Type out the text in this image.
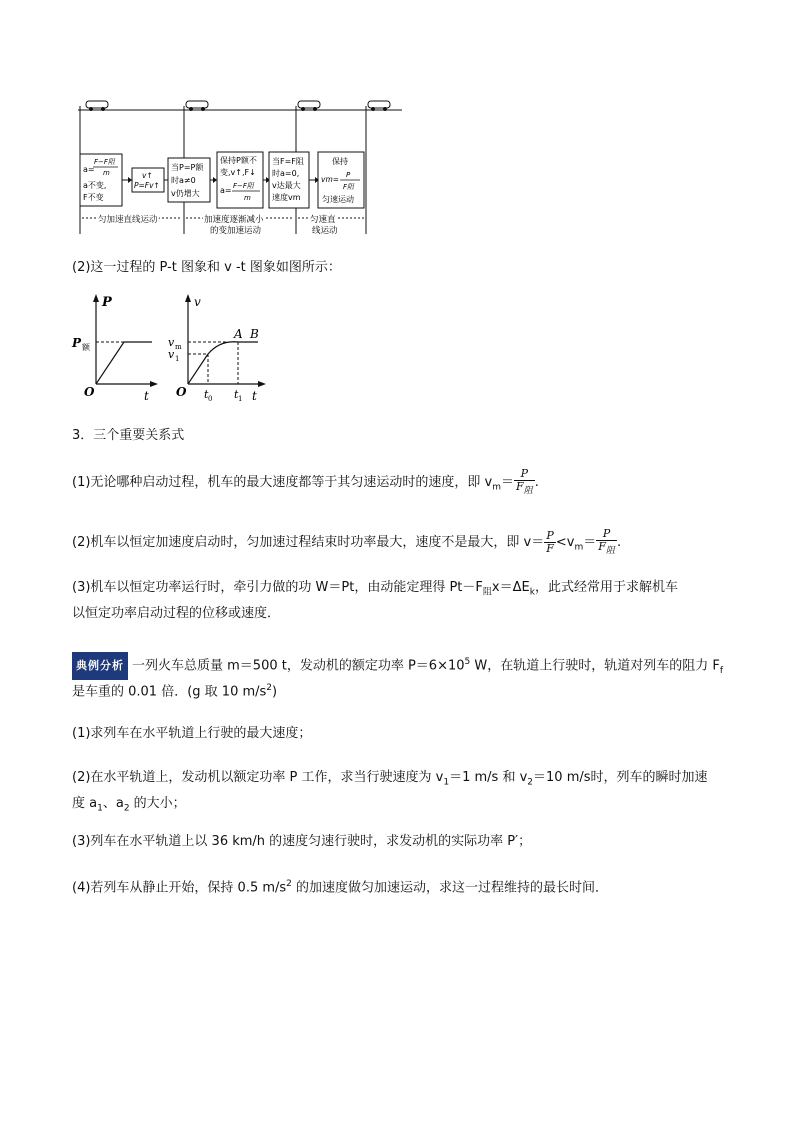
a=
F−F阻
m
a不变,
F不变
v↑
P=Fv↑
当P=P额
时a≠0
v仍增大
保持P额不
变,v↑,F↓
a= F−F阻
m
当F=F阻
时a=0,
v达最大
速度vm
保持
vm= P
F阻
匀速运动
匀加速直线运动	加速度逐渐减小
的变加速运动
匀速直
线运动
(2)这一过程的 P-t 图象和 v -t 图象如图所示：
P
P 额
O	t
v
v m
v 1
A B
O t 0 t 1 t
3．三个重要关系式
(1)无论哪种启动过程，机车的最大速度都等于其匀速运动时的速度，即 $v_m= \frac{P}{F_阻}$ .
(2)机车以恒定加速度启动时，匀加速过程结束时功率最大，速度不是最大，即 $v= \frac{P}{F} <v_m= \frac{P}{F_阻}$ .
(3)机车以恒定功率运行时，牵引力做的功 W＝Pt，由动能定理得 $Pt-F_阻x=\Delta E_k$，此式经常用于求解机车
以恒定功率启动过程的位移或速度．
典例分析 一列火车总质量 m＝500 t，发动机的额定功率 $P=6\times 10^5$ W，在轨道上行驶时，轨道对列车的阻力 $F_f$
是车重的 0.01 倍．(g 取 10 $m/s^2$)
(1)求列车在水平轨道上行驶的最大速度；
(2)在水平轨道上，发动机以额定功率 P 工作，求当行驶速度为 $v_1=1$ m/s 和 $v_2=10$ m/s时，列车的瞬时加速
度 $a_1$、$a_2$ 的大小；
(3)列车在水平轨道上以 36 km/h 的速度匀速行驶时，求发动机的实际功率 P′；
(4)若列车从静止开始，保持 0.5 $m/s^2$ 的加速度做匀加速运动，求这一过程维持的最长时间．
